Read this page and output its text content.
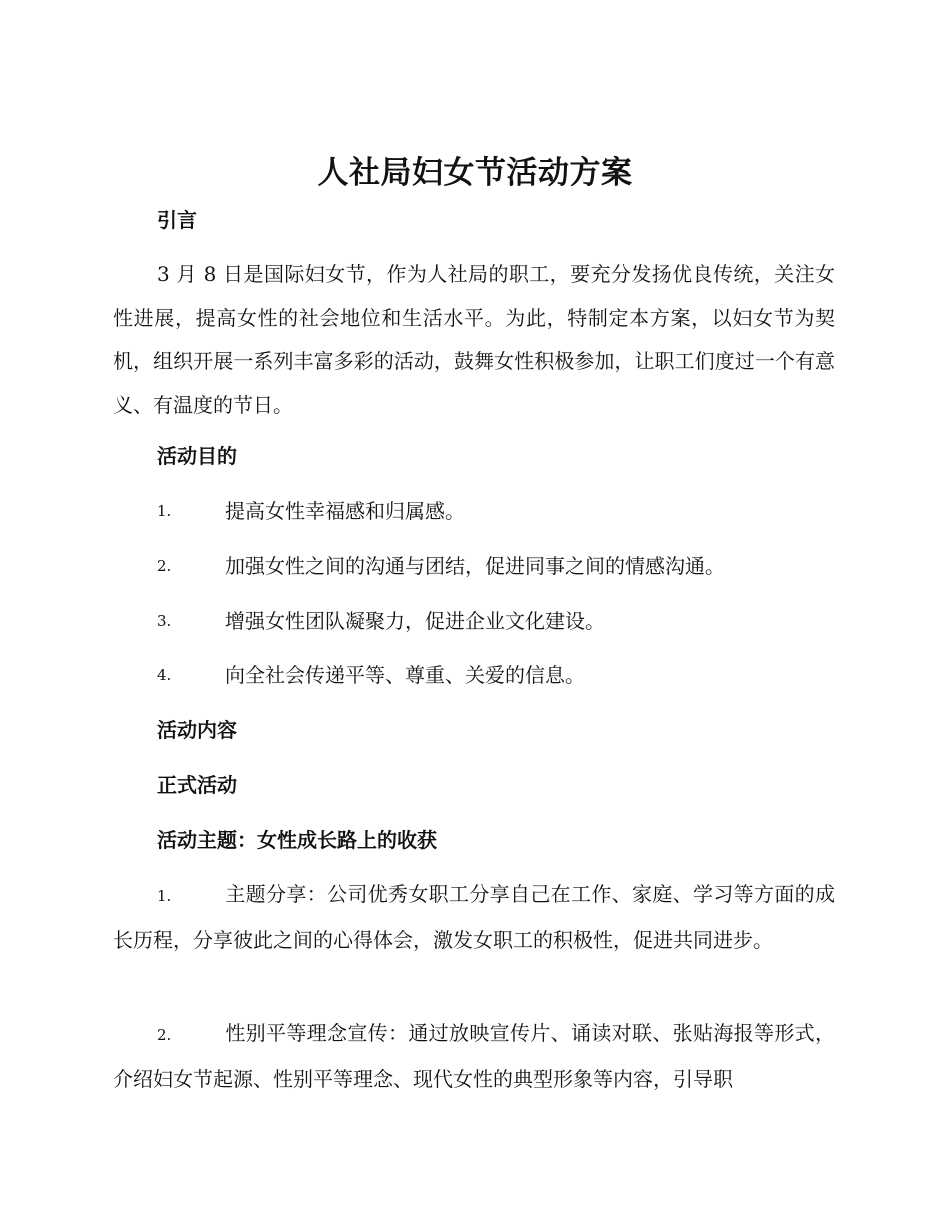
人社局妇女节活动方案
引言
3 月 8 日是国际妇女节，作为人社局的职工，要充分发扬优良传统，关注女性进展，提高女性的社会地位和生活水平。为此，特制定本方案，以妇女节为契机，组织开展一系列丰富多彩的活动，鼓舞女性积极参加，让职工们度过一个有意义、有温度的节日。
活动目的
1.	提高女性幸福感和归属感。
2.	加强女性之间的沟通与团结，促进同事之间的情感沟通。
3.	增强女性团队凝聚力，促进企业文化建设。
4.	向全社会传递平等、尊重、关爱的信息。
活动内容
正式活动
活动主题：女性成长路上的收获
1.	主题分享：公司优秀女职工分享自己在工作、家庭、学习等方面的成长历程，分享彼此之间的心得体会，激发女职工的积极性，促进共同进步。
2.	性别平等理念宣传：通过放映宣传片、诵读对联、张贴海报等形式，介绍妇女节起源、性别平等理念、现代女性的典型形象等内容，引导职
